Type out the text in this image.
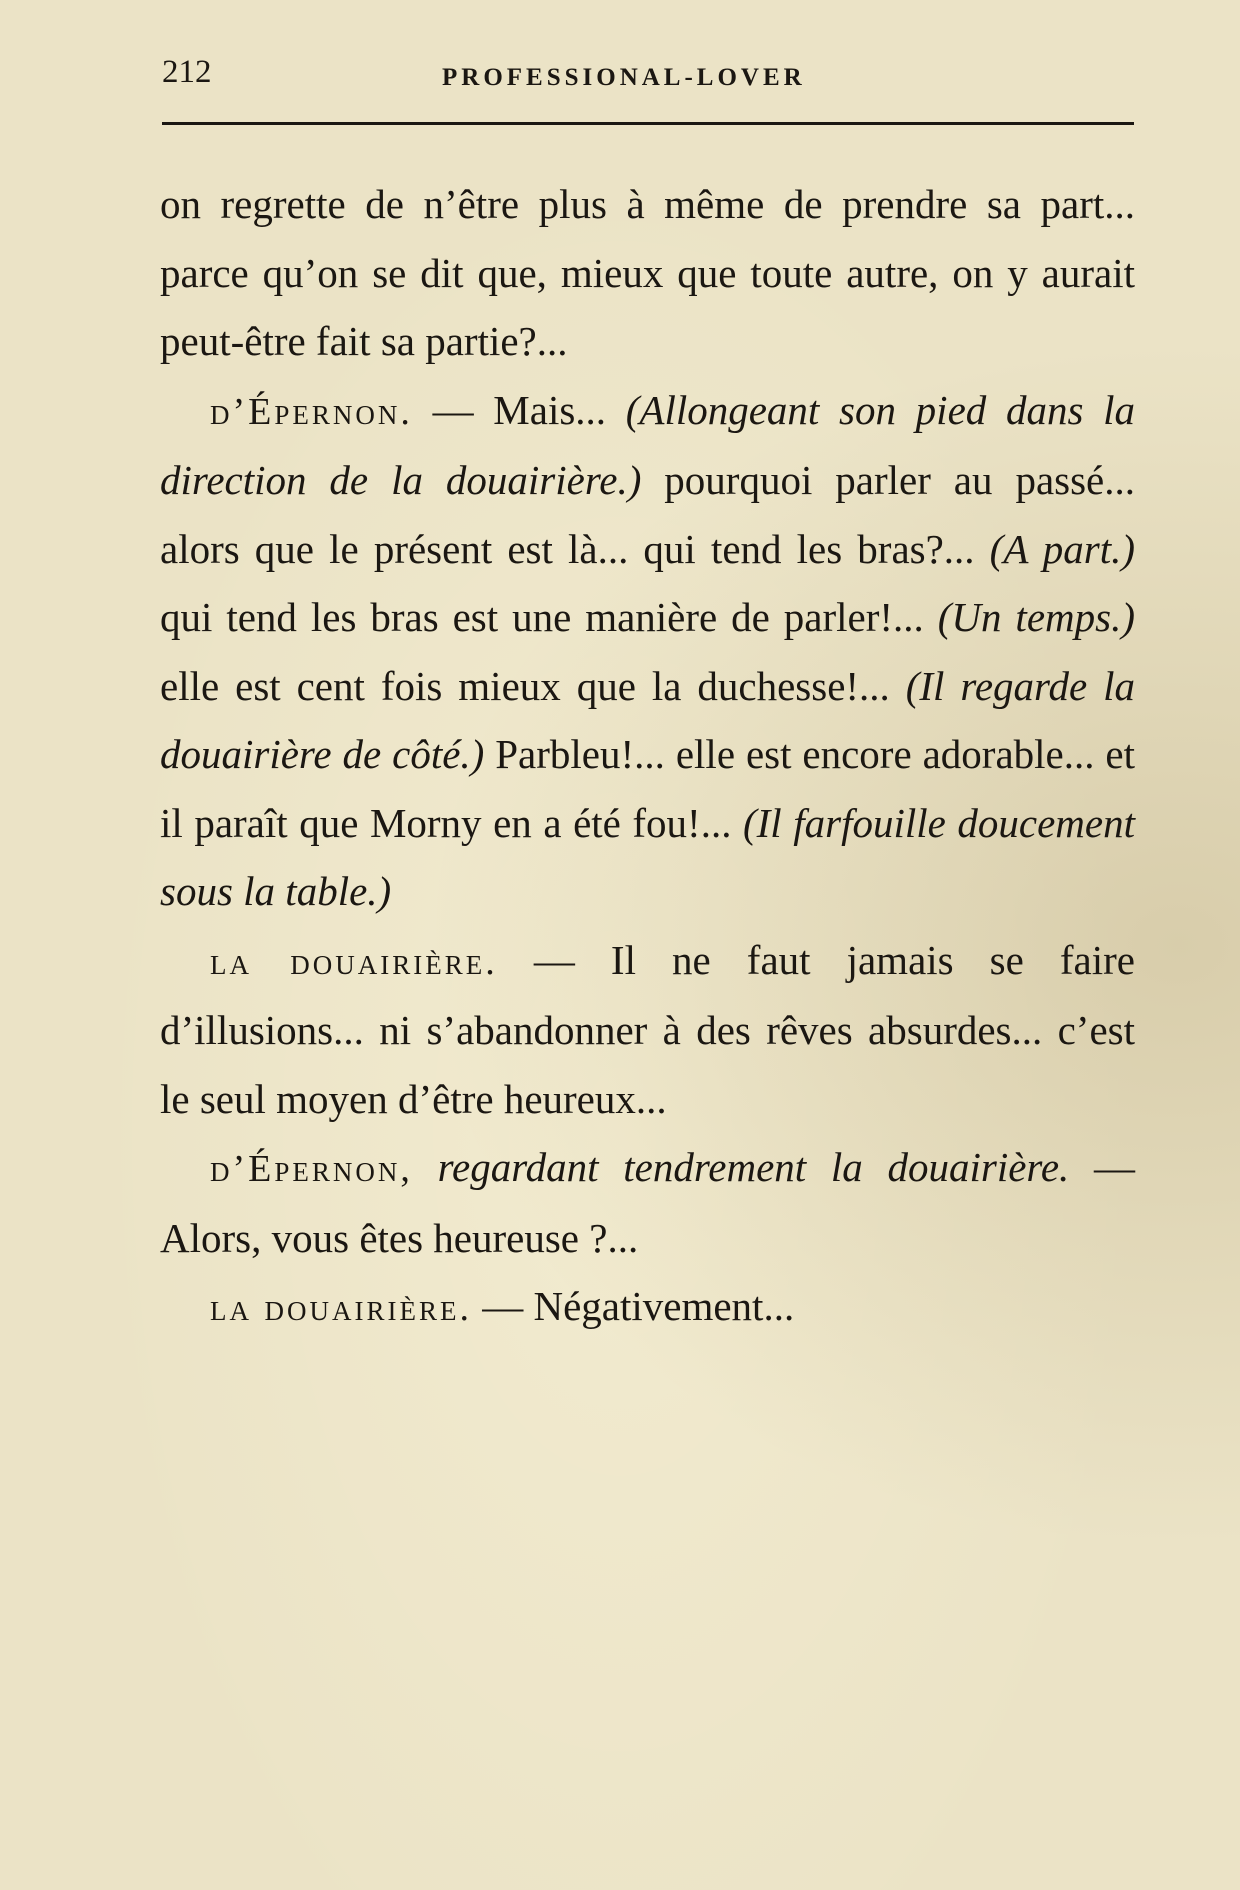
212	PROFESSIONAL-LOVER

on regrette de n’être plus à même de prendre sa part... parce qu’on se dit que, mieux que toute autre, on y aurait peut-être fait sa partie?...

d’Épernon. — Mais... (Allongeant son pied dans la direction de la douairière.) pourquoi parler au passé... alors que le présent est là... qui tend les bras?... (A part.) qui tend les bras est une manière de parler!... (Un temps.) elle est cent fois mieux que la duchesse!... (Il regarde la douairière de côté.) Parbleu!... elle est encore adorable... et il paraît que Morny en a été fou!... (Il farfouille doucement sous la table.)

la douairière. — Il ne faut jamais se faire d’illusions... ni s’abandonner à des rêves absurdes... c’est le seul moyen d’être heureux...

d’Épernon, regardant tendrement la douairière. — Alors, vous êtes heureuse ?...

la douairière. — Négativement...
